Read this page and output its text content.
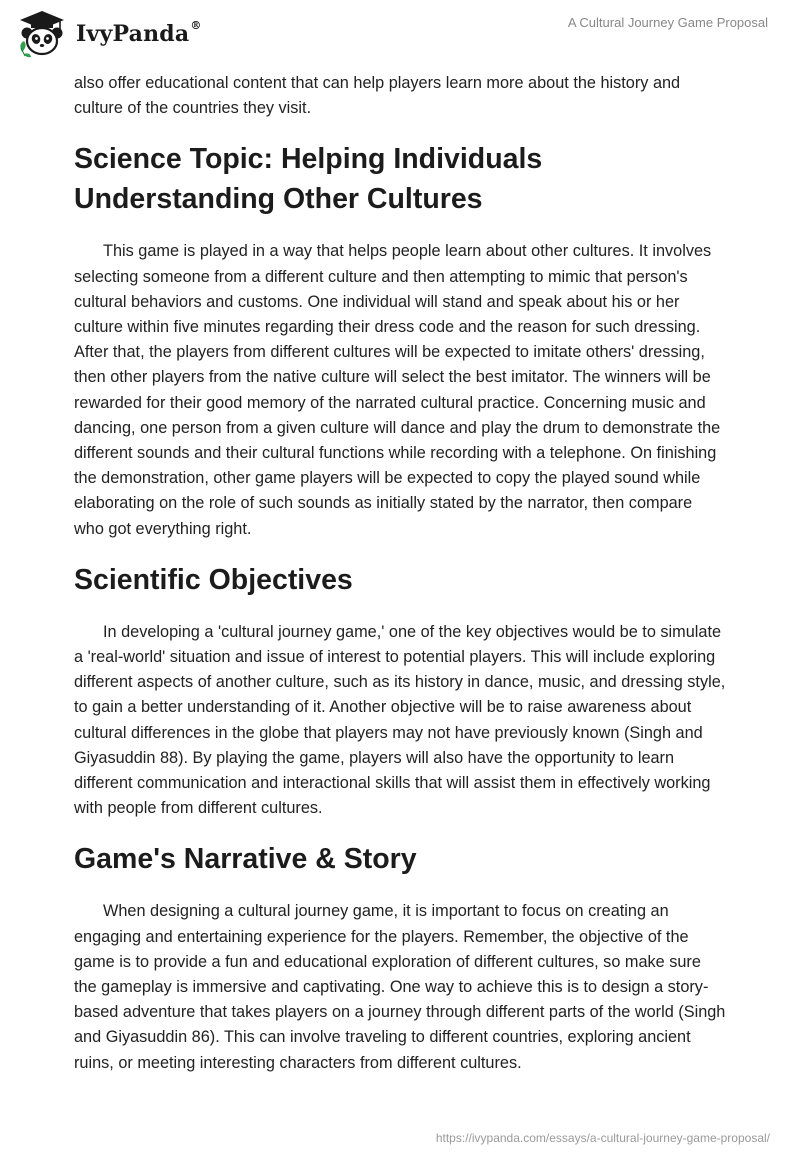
IvyPanda®	A Cultural Journey Game Proposal

also offer educational content that can help players learn more about the history and culture of the countries they visit.

Science Topic: Helping Individuals Understanding Other Cultures

This game is played in a way that helps people learn about other cultures. It involves selecting someone from a different culture and then attempting to mimic that person's cultural behaviors and customs. One individual will stand and speak about his or her culture within five minutes regarding their dress code and the reason for such dressing. After that, the players from different cultures will be expected to imitate others' dressing, then other players from the native culture will select the best imitator. The winners will be rewarded for their good memory of the narrated cultural practice. Concerning music and dancing, one person from a given culture will dance and play the drum to demonstrate the different sounds and their cultural functions while recording with a telephone. On finishing the demonstration, other game players will be expected to copy the played sound while elaborating on the role of such sounds as initially stated by the narrator, then compare who got everything right.

Scientific Objectives

In developing a 'cultural journey game,' one of the key objectives would be to simulate a 'real-world' situation and issue of interest to potential players. This will include exploring different aspects of another culture, such as its history in dance, music, and dressing style, to gain a better understanding of it. Another objective will be to raise awareness about cultural differences in the globe that players may not have previously known (Singh and Giyasuddin 88). By playing the game, players will also have the opportunity to learn different communication and interactional skills that will assist them in effectively working with people from different cultures.

Game's Narrative & Story

When designing a cultural journey game, it is important to focus on creating an engaging and entertaining experience for the players. Remember, the objective of the game is to provide a fun and educational exploration of different cultures, so make sure the gameplay is immersive and captivating. One way to achieve this is to design a story-based adventure that takes players on a journey through different parts of the world (Singh and Giyasuddin 86). This can involve traveling to different countries, exploring ancient ruins, or meeting interesting characters from different cultures.

https://ivypanda.com/essays/a-cultural-journey-game-proposal/
